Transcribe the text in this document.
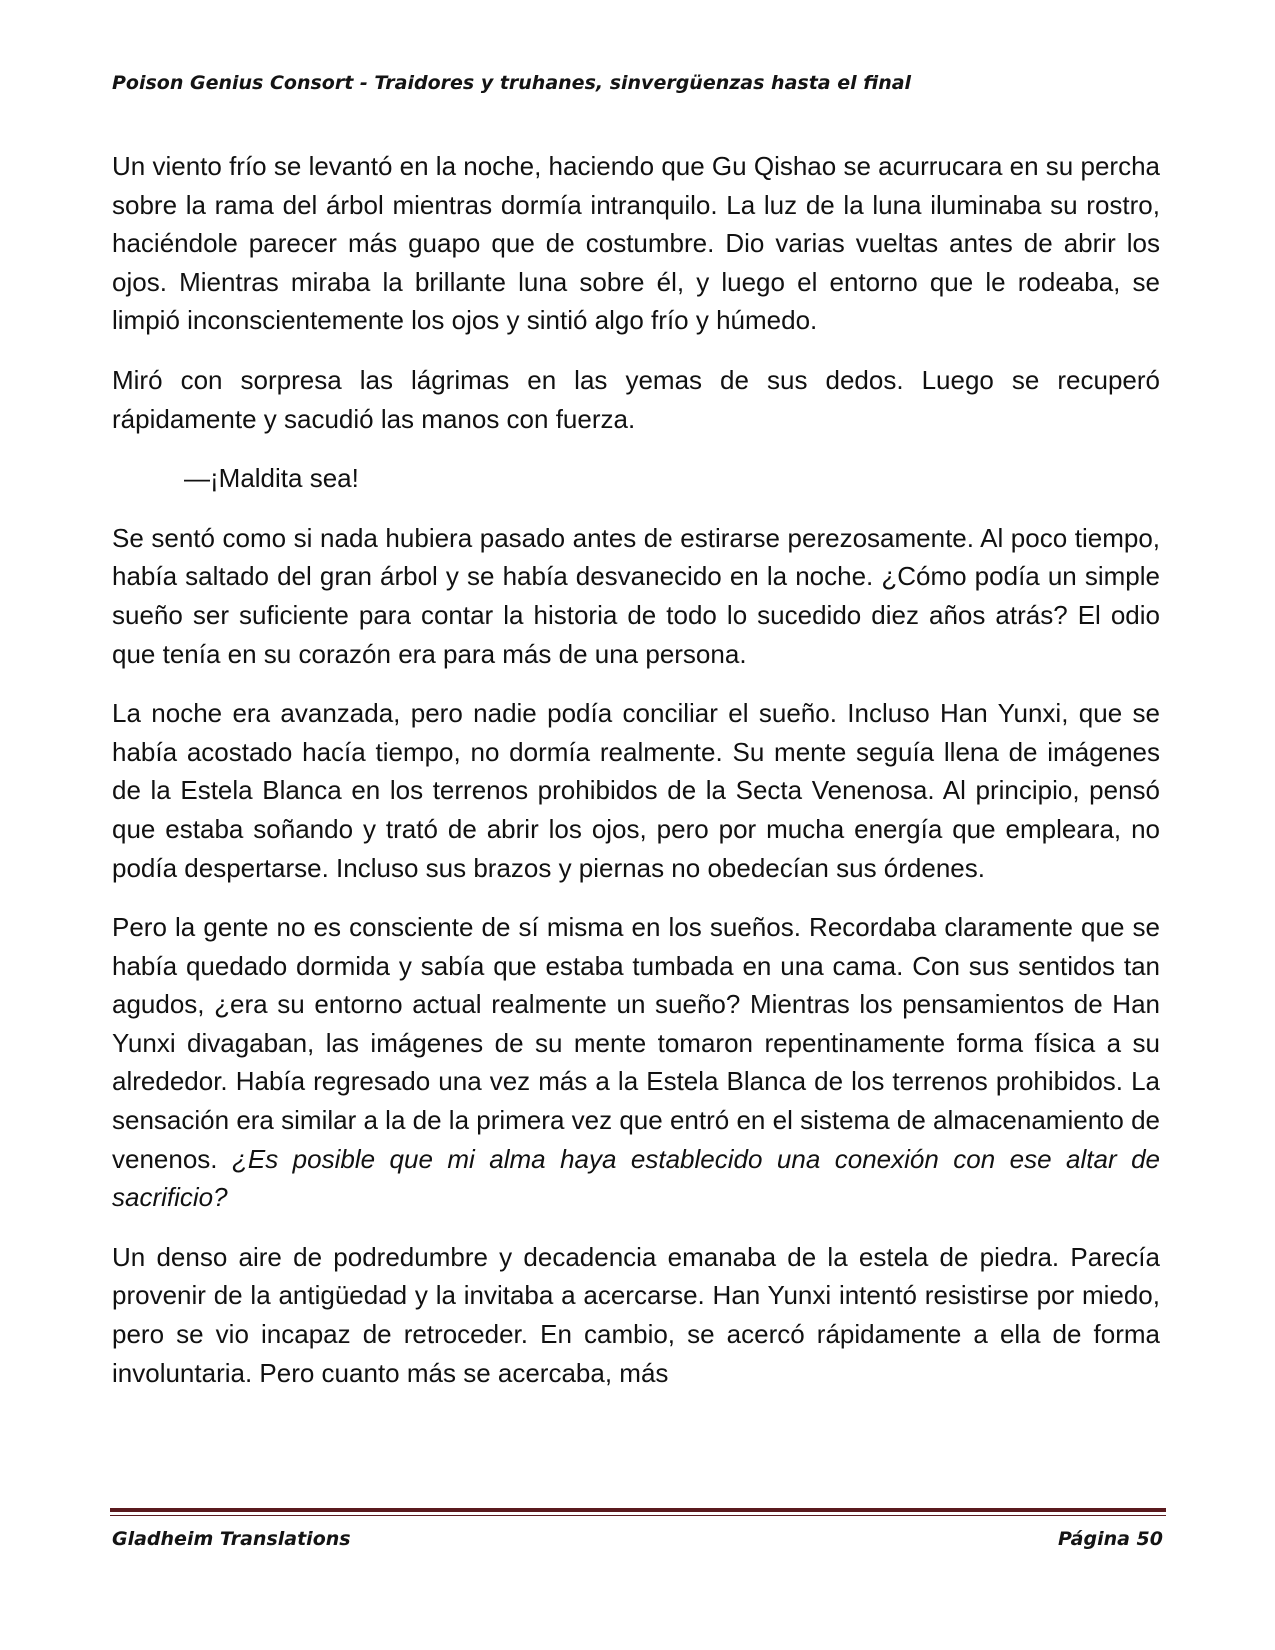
Poison Genius Consort - Traidores y truhanes, sinvergüenzas hasta el final

Un viento frío se levantó en la noche, haciendo que Gu Qishao se acurrucara en su percha sobre la rama del árbol mientras dormía intranquilo. La luz de la luna iluminaba su rostro, haciéndole parecer más guapo que de costumbre. Dio varias vueltas antes de abrir los ojos. Mientras miraba la brillante luna sobre él, y luego el entorno que le rodeaba, se limpió inconscientemente los ojos y sintió algo frío y húmedo.

Miró con sorpresa las lágrimas en las yemas de sus dedos. Luego se recuperó rápidamente y sacudió las manos con fuerza.

—¡Maldita sea!

Se sentó como si nada hubiera pasado antes de estirarse perezosamente. Al poco tiempo, había saltado del gran árbol y se había desvanecido en la noche. ¿Cómo podía un simple sueño ser suficiente para contar la historia de todo lo sucedido diez años atrás? El odio que tenía en su corazón era para más de una persona.

La noche era avanzada, pero nadie podía conciliar el sueño. Incluso Han Yunxi, que se había acostado hacía tiempo, no dormía realmente. Su mente seguía llena de imágenes de la Estela Blanca en los terrenos prohibidos de la Secta Venenosa. Al principio, pensó que estaba soñando y trató de abrir los ojos, pero por mucha energía que empleara, no podía despertarse. Incluso sus brazos y piernas no obedecían sus órdenes.

Pero la gente no es consciente de sí misma en los sueños. Recordaba claramente que se había quedado dormida y sabía que estaba tumbada en una cama. Con sus sentidos tan agudos, ¿era su entorno actual realmente un sueño? Mientras los pensamientos de Han Yunxi divagaban, las imágenes de su mente tomaron repentinamente forma física a su alrededor. Había regresado una vez más a la Estela Blanca de los terrenos prohibidos. La sensación era similar a la de la primera vez que entró en el sistema de almacenamiento de venenos. ¿Es posible que mi alma haya establecido una conexión con ese altar de sacrificio?

Un denso aire de podredumbre y decadencia emanaba de la estela de piedra. Parecía provenir de la antigüedad y la invitaba a acercarse. Han Yunxi intentó resistirse por miedo, pero se vio incapaz de retroceder. En cambio, se acercó rápidamente a ella de forma involuntaria. Pero cuanto más se acercaba, más

Gladheim Translations	Página 50
